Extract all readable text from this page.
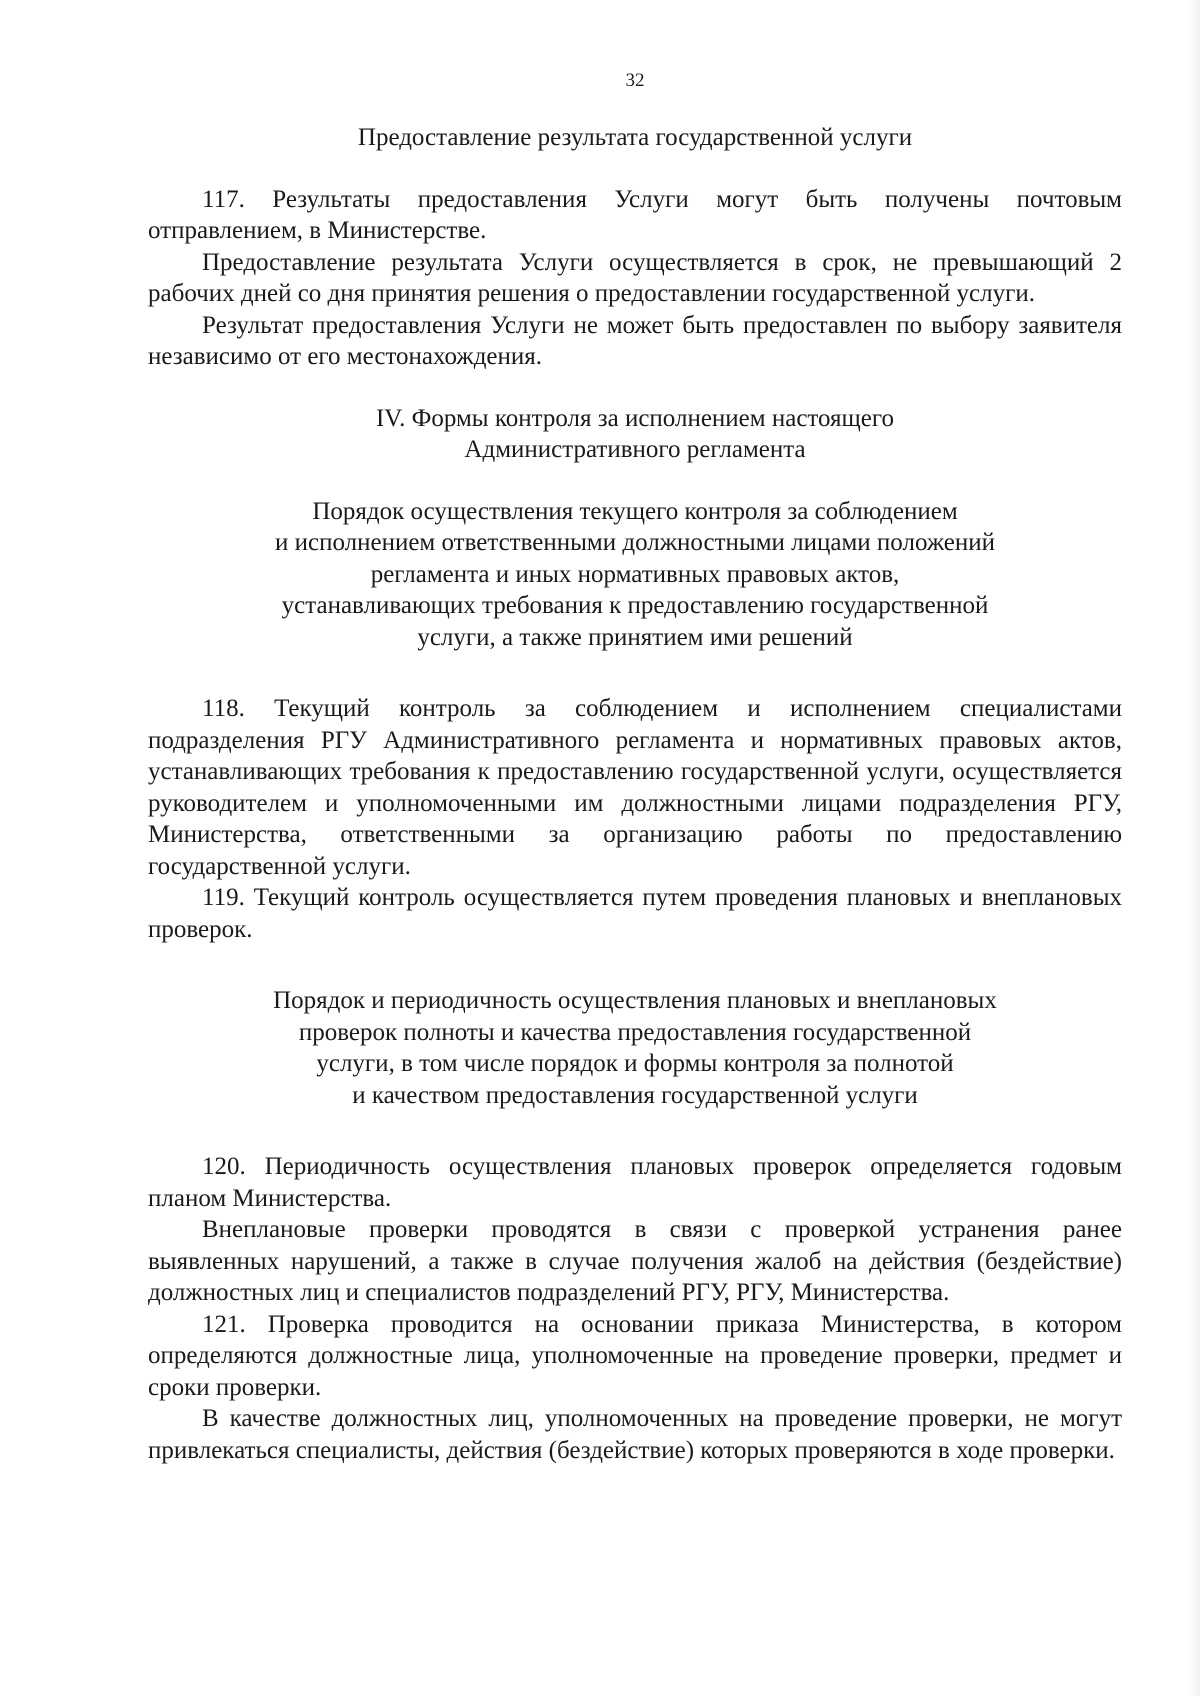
32
Предоставление результата государственной услуги

117. Результаты предоставления Услуги могут быть получены почтовым отправлением, в Министерстве.

Предоставление результата Услуги осуществляется в срок, не превышающий 2 рабочих дней со дня принятия решения о предоставлении государственной услуги.

Результат предоставления Услуги не может быть предоставлен по выбору заявителя независимо от его местонахождения.

IV. Формы контроля за исполнением настоящего
Административного регламента
Порядок осуществления текущего контроля за соблюдением
и исполнением ответственными должностными лицами положений
регламента и иных нормативных правовых актов,
устанавливающих требования к предоставлению государственной
услуги, а также принятием ими решений

118. Текущий контроль за соблюдением и исполнением специалистами подразделения РГУ Административного регламента и нормативных правовых актов, устанавливающих требования к предоставлению государственной услуги, осуществляется руководителем и уполномоченными им должностными лицами подразделения РГУ, Министерства, ответственными за организацию работы по предоставлению государственной услуги.

119. Текущий контроль осуществляется путем проведения плановых и внеплановых проверок.

Порядок и периодичность осуществления плановых и внеплановых
проверок полноты и качества предоставления государственной
услуги, в том числе порядок и формы контроля за полнотой
и качеством предоставления государственной услуги

120. Периодичность осуществления плановых проверок определяется годовым планом Министерства.

Внеплановые проверки проводятся в связи с проверкой устранения ранее выявленных нарушений, а также в случае получения жалоб на действия (бездействие) должностных лиц и специалистов подразделений РГУ, РГУ, Министерства.

121. Проверка проводится на основании приказа Министерства, в котором определяются должностные лица, уполномоченные на проведение проверки, предмет и сроки проверки.

В качестве должностных лиц, уполномоченных на проведение проверки, не могут привлекаться специалисты, действия (бездействие) которых проверяются в ходе проверки.
